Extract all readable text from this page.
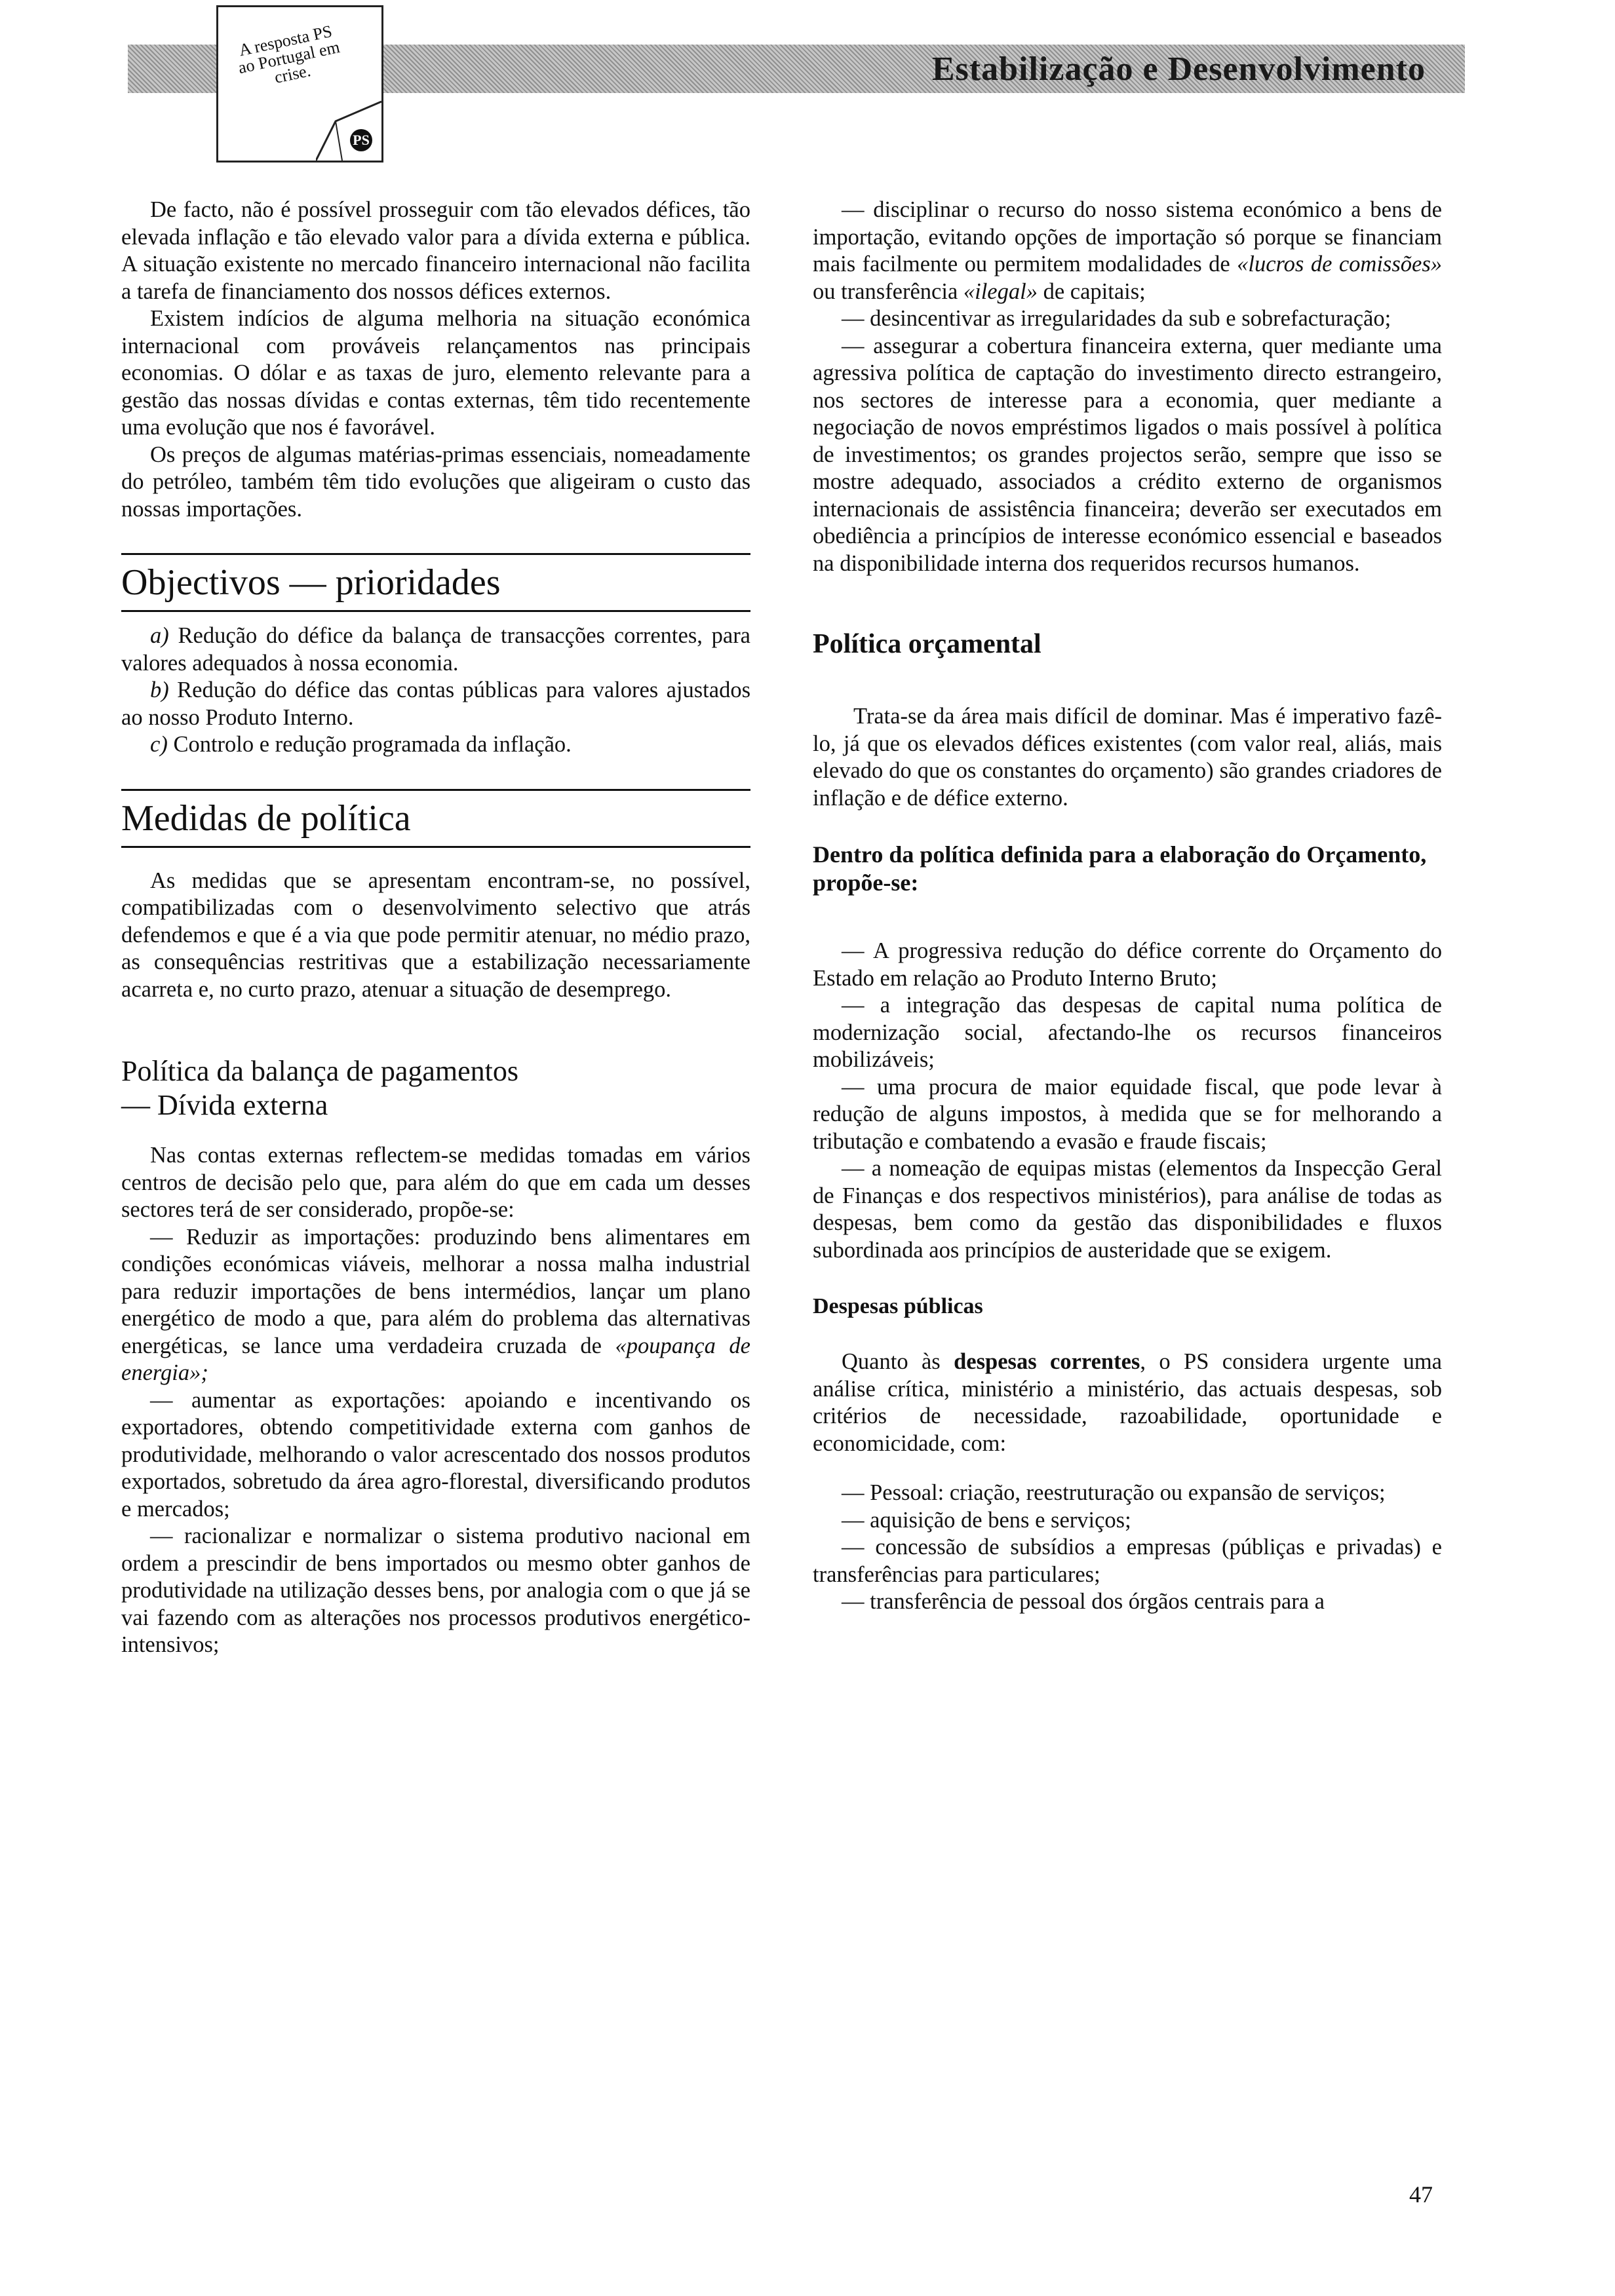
Estabilização e Desenvolvimento
A resposta PS ao Portugal em crise.
PS

De facto, não é possível prosseguir com tão elevados défices, tão elevada inflação e tão elevado valor para a dívida externa e pública. A situação existente no mercado financeiro internacional não facilita a tarefa de financiamento dos nossos défices externos.

Existem indícios de alguma melhoria na situação económica internacional com prováveis relançamentos nas principais economias. O dólar e as taxas de juro, elemento relevante para a gestão das nossas dívidas e contas externas, têm tido recentemente uma evolução que nos é favorável.

Os preços de algumas matérias-primas essenciais, nomeadamente do petróleo, também têm tido evoluções que aligeiram o custo das nossas importações.

Objectivos — prioridades

a) Redução do défice da balança de transacções correntes, para valores adequados à nossa economia.

b) Redução do défice das contas públicas para valores ajustados ao nosso Produto Interno.

c) Controlo e redução programada da inflação.

Medidas de política

As medidas que se apresentam encontram-se, no possível, compatibilizadas com o desenvolvimento selectivo que atrás defendemos e que é a via que pode permitir atenuar, no médio prazo, as consequências restritivas que a estabilização necessariamente acarreta e, no curto prazo, atenuar a situação de desemprego.

Política da balança de pagamentos
— Dívida externa

Nas contas externas reflectem-se medidas tomadas em vários centros de decisão pelo que, para além do que em cada um desses sectores terá de ser considerado, propõe-se:

— Reduzir as importações: produzindo bens alimentares em condições económicas viáveis, melhorar a nossa malha industrial para reduzir importações de bens intermédios, lançar um plano energético de modo a que, para além do problema das alternativas energéticas, se lance uma verdadeira cruzada de «poupança de energia»;

— aumentar as exportações: apoiando e incentivando os exportadores, obtendo competitividade externa com ganhos de produtividade, melhorando o valor acrescentado dos nossos produtos exportados, sobretudo da área agro-florestal, diversificando produtos e mercados;

— racionalizar e normalizar o sistema produtivo nacional em ordem a prescindir de bens importados ou mesmo obter ganhos de produtividade na utilização desses bens, por analogia com o que já se vai fazendo com as alterações nos processos produtivos energético-intensivos;

— disciplinar o recurso do nosso sistema económico a bens de importação, evitando opções de importação só porque se financiam mais facilmente ou permitem modalidades de «lucros de comissões» ou transferência «ilegal» de capitais;

— desincentivar as irregularidades da sub e sobrefacturação;

— assegurar a cobertura financeira externa, quer mediante uma agressiva política de captação do investimento directo estrangeiro, nos sectores de interesse para a economia, quer mediante a negociação de novos empréstimos ligados o mais possível à política de investimentos; os grandes projectos serão, sempre que isso se mostre adequado, associados a crédito externo de organismos internacionais de assistência financeira; deverão ser executados em obediência a princípios de interesse económico essencial e baseados na disponibilidade interna dos requeridos recursos humanos.

Política orçamental

Trata-se da área mais difícil de dominar. Mas é imperativo fazê-lo, já que os elevados défices existentes (com valor real, aliás, mais elevado do que os constantes do orçamento) são grandes criadores de inflação e de défice externo.

Dentro da política definida para a elaboração do Orçamento, propõe-se:

— A progressiva redução do défice corrente do Orçamento do Estado em relação ao Produto Interno Bruto;

— a integração das despesas de capital numa política de modernização social, afectando-lhe os recursos financeiros mobilizáveis;

— uma procura de maior equidade fiscal, que pode levar à redução de alguns impostos, à medida que se for melhorando a tributação e combatendo a evasão e fraude fiscais;

— a nomeação de equipas mistas (elementos da Inspecção Geral de Finanças e dos respectivos ministérios), para análise de todas as despesas, bem como da gestão das disponibilidades e fluxos subordinada aos princípios de austeridade que se exigem.

Despesas públicas

Quanto às despesas correntes, o PS considera urgente uma análise crítica, ministério a ministério, das actuais despesas, sob critérios de necessidade, razoabilidade, oportunidade e economicidade, com:

— Pessoal: criação, reestruturação ou expansão de serviços;

— aquisição de bens e serviços;

— concessão de subsídios a empresas (públiças e privadas) e transferências para particulares;

— transferência de pessoal dos órgãos centrais para a

47
